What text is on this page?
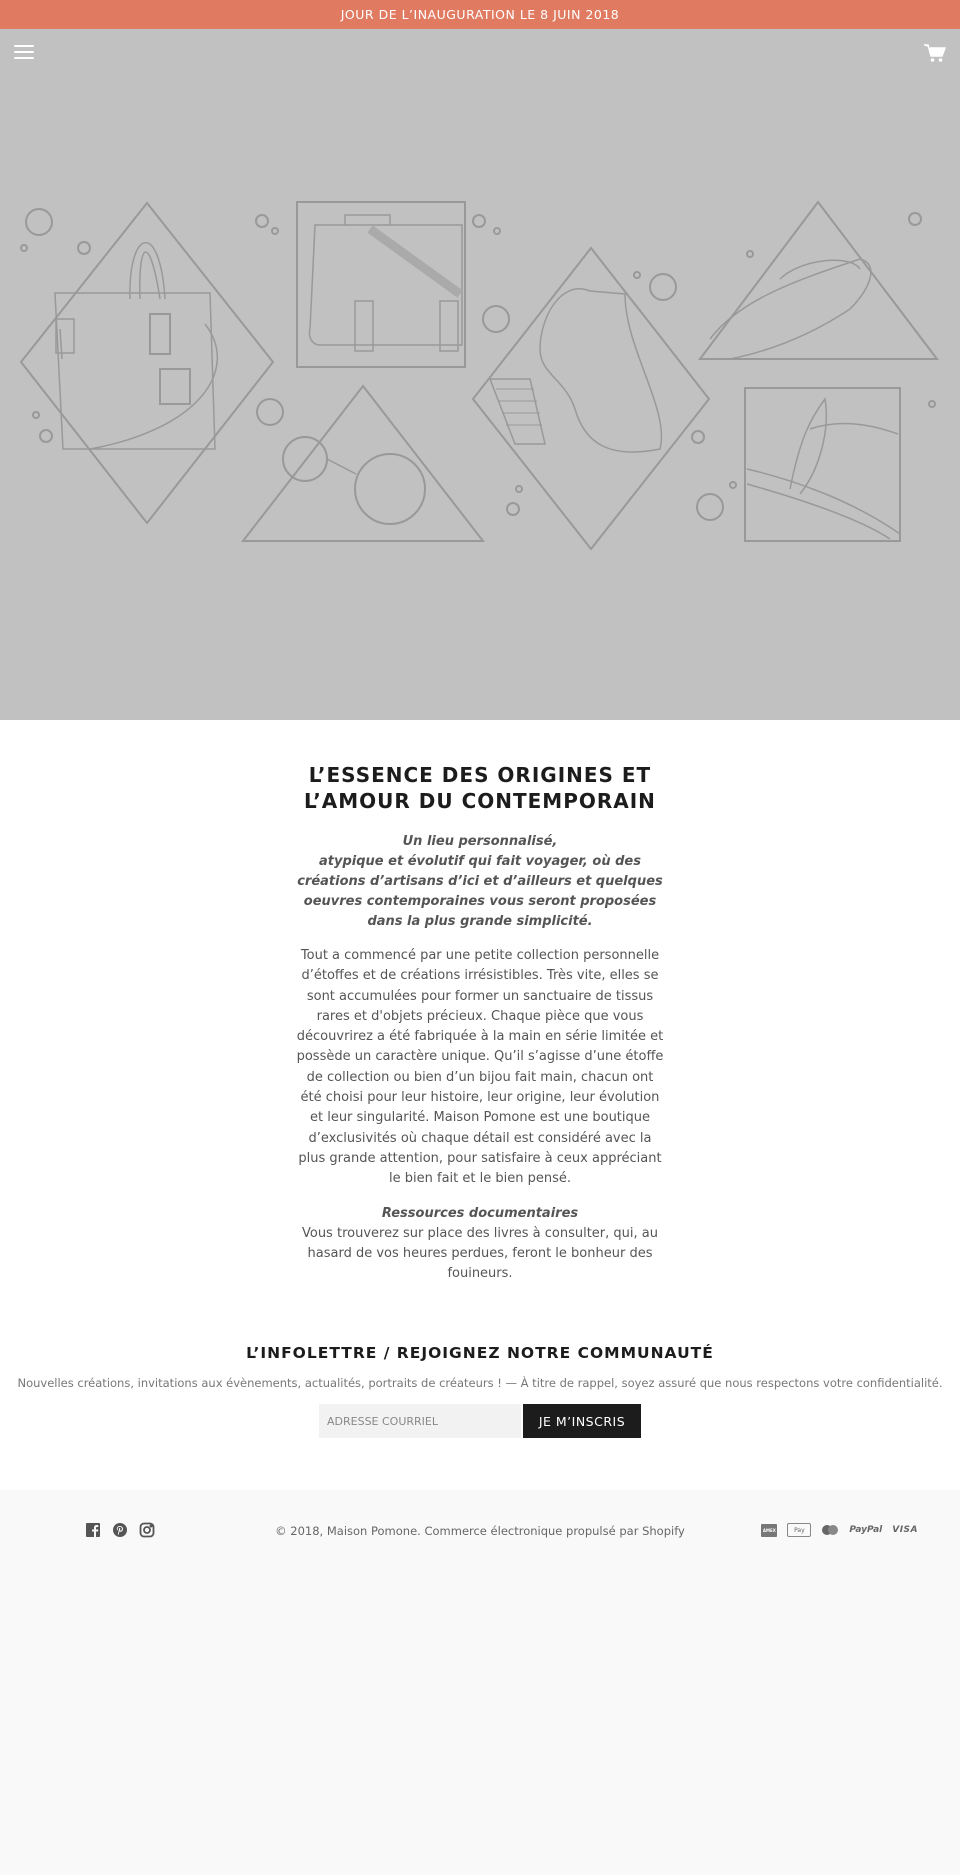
JOUR DE L’INAUGURATION LE 8 JUIN 2018
L’ESSENCE DES ORIGINES ET
L’AMOUR DU CONTEMPORAIN

Un lieu personnalisé,
atypique et évolutif qui fait voyager, où des créations d’artisans d’ici et d’ailleurs et quelques oeuvres contemporaines vous seront proposées dans la plus grande simplicité.

Tout a commencé par une petite collection personnelle d’étoffes et de créations irrésistibles. Très vite, elles se sont accumulées pour former un sanctuaire de tissus rares et d'objets précieux. Chaque pièce que vous découvrirez a été fabriquée à la main en série limitée et possède un caractère unique. Qu’il s’agisse d’une étoffe de collection ou bien d’un bijou fait main, chacun ont été choisi pour leur histoire, leur origine, leur évolution et leur singularité. Maison Pomone est une boutique d’exclusivités où chaque détail est considéré avec la plus grande attention, pour satisfaire à ceux appréciant le bien fait et le bien pensé.

Ressources documentaires
Vous trouverez sur place des livres à consulter, qui, au hasard de vos heures perdues, feront le bonheur des fouineurs.

L’INFOLETTRE / REJOIGNEZ NOTRE COMMUNAUTÉ

Nouvelles créations, invitations aux évènements, actualités, portraits de créateurs ! — À titre de rappel, soyez assuré que nous respectons votre confidentialité.

Adresse courriel
JE M’INSCRIS
© 2018, Maison Pomone. Commerce électronique propulsé par Shopify	AMEX	Pay	PayPal VISA
